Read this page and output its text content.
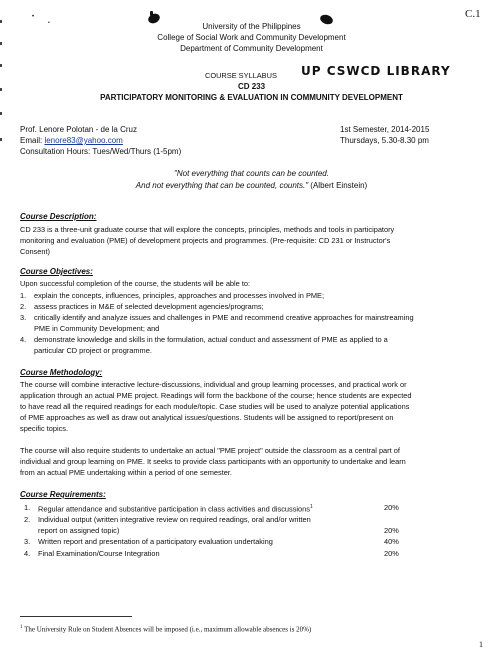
•
•
C.1
University of the Philippines
College of Social Work and Community Development
Department of Community Development
COURSE SYLLABUS UP CSWCD LIBRARY
CD 233
PARTICIPATORY MONITORING & EVALUATION IN COMMUNITY DEVELOPMENT
Prof. Lenore Polotan - de la Cruz
Email: lenore83@yahoo.com
Consultation Hours: Tues/Wed/Thurs (1-5pm)
1st Semester, 2014-2015
Thursdays, 5.30-8.30 pm
"Not everything that counts can be counted.
And not everything that can be counted, counts." (Albert Einstein)
Course Description:
CD 233 is a three-unit graduate course that will explore the concepts, principles, methods and tools in participatory
monitoring and evaluation (PME) of development projects and programmes. (Pre-requisite: CD 231 or Instructor's
Consent)
Course Objectives:
Upon successful completion of the course, the students will be able to:
1. explain the concepts, influences, principles, approaches and processes involved in PME;
2. assess practices in M&E of selected development agencies/programs;
3. critically identify and analyze issues and challenges in PME and recommend creative approaches for mainstreaming
PME in Community Development; and
4. demonstrate knowledge and skills in the formulation, actual conduct and assessment of PME as applied to a
particular CD project or programme.
Course Methodology:
The course will combine interactive lecture-discussions, individual and group learning processes, and practical work or
application through an actual PME project. Readings will form the backbone of the course; hence students are expected
to have read all the required readings for each module/topic. Case studies will be used to analyze potential applications
of PME approaches as well as draw out analytical issues/questions. Students will be assigned to report/present on
specific topics.
The course will also require students to undertake an actual "PME project" outside the classroom as a central part of
individual and group learning on PME. It seeks to provide class participants with an opportunity to undertake and learn
from an actual PME undertaking within a period of one semester.
Course Requirements:
1.	Regular attendance and substantive participation in class activities and discussions$^1$	20%
2.	Individual output (written integrative review on required readings, oral and/or written
report on assigned topic)	20%
3.	Written report and presentation of a participatory evaluation undertaking	40%
4.	Final Examination/Course Integration	20%
$^1$ The University Rule on Student Absences will be imposed (i.e., maximum allowable absences is 20%)
1
